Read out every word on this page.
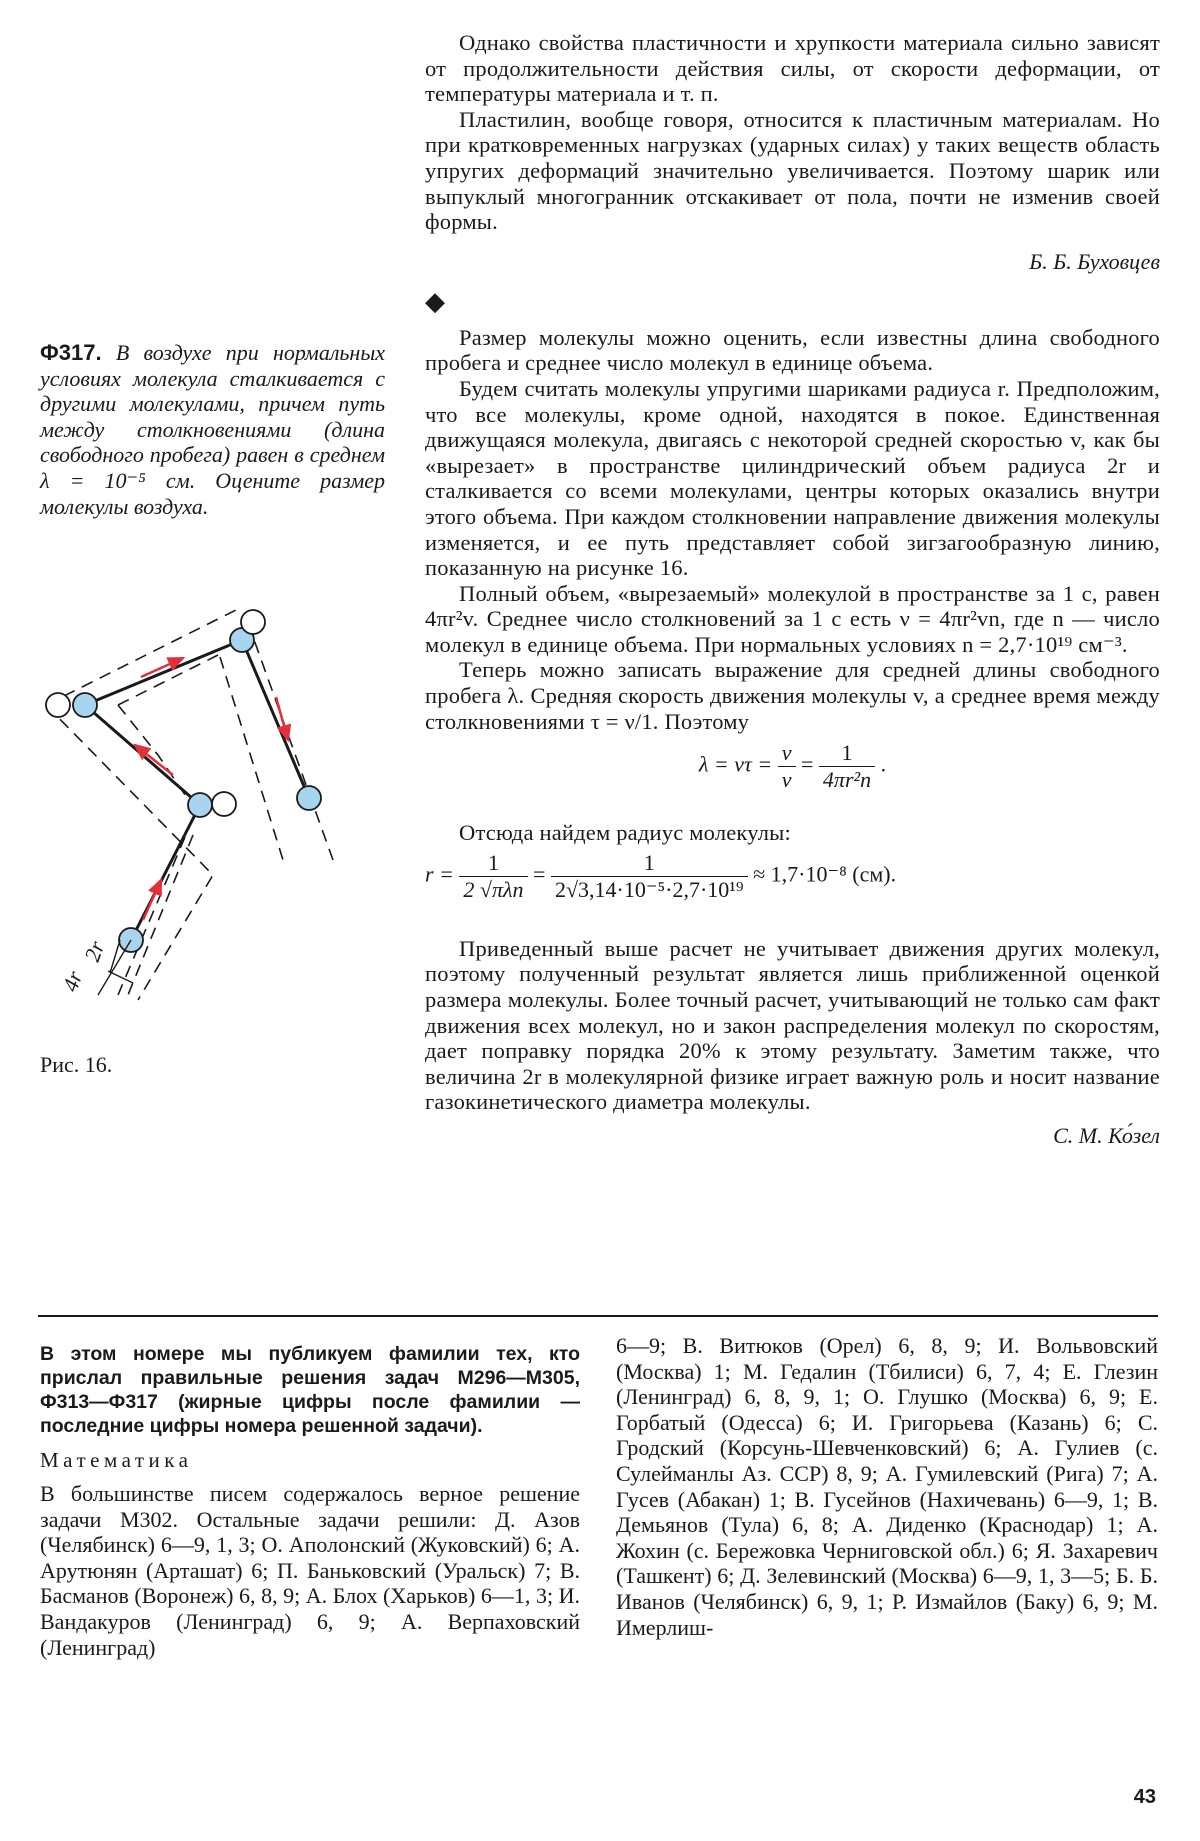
Однако свойства пластичности и хрупкости материала сильно зависят от продолжительности действия силы, от скорости деформации, от температуры материала и т. п.

Пластилин, вообще говоря, относится к пластичным материалам. Но при кратковременных нагрузках (ударных силах) у таких веществ область упругих деформаций значительно увеличивается. Поэтому шарик или выпуклый многогранник отскакивает от пола, почти не изменив своей формы.

Б. Б. Буховцев

◆

Размер молекулы можно оценить, если известны длина свободного пробега и среднее число молекул в единице объема.

Будем считать молекулы упругими шариками радиуса r. Предположим, что все молекулы, кроме одной, находятся в покое. Единственная движущаяся молекула, двигаясь с некоторой средней скоростью v, как бы «вырезает» в пространстве цилиндрический объем радиуса 2r и сталкивается со всеми молекулами, центры которых оказались внутри этого объема. При каждом столкновении направление движения молекулы изменяется, и ее путь представляет собой зигзагообразную линию, показанную на рисунке 16.

Полный объем, «вырезаемый» молекулой в пространстве за 1 с, равен 4πr²v. Среднее число столкновений за 1 с есть ν = 4πr²vn, где n — число молекул в единице объема. При нормальных условиях n = 2,7·10¹⁹ см⁻³.

Теперь можно записать выражение для средней длины свободного пробега λ. Средняя скорость движения молекулы v, а среднее время между столкновениями τ = ν/1. Поэтому

$\lambda = v\tau = \frac{v}{\nu} = \frac{1}{\text{4πr²n}}$ .

Отсюда найдем радиус молекулы:

$r = \frac{1}{\text{2 √πλn}} = \frac{1}{\text{2√3,14·10⁻⁵·2,7·10¹⁹}} \approx 1,7\cdot 10^{-8}$ (см).

Приведенный выше расчет не учитывает движения других молекул, поэтому полученный результат является лишь приближенной оценкой размера молекулы. Более точный расчет, учитывающий не только сам факт движения всех молекул, но и закон распределения молекул по скоростям, дает поправку порядка 20% к этому результату. Заметим также, что величина 2r в молекулярной физике играет важную роль и носит название газокинетического диаметра молекулы.

С. М. Ко́зел

Ф317. В воздухе при нормальных условиях молекула сталкивается с другими молекулами, причем путь между столкновениями (длина свободного пробега) равен в среднем λ = 10⁻⁵ см. Оцените размер молекулы воздуха.
2r
4r
Рис. 16.

В этом номере мы публикуем фамилии тех, кто прислал правильные решения задач М296—М305, Ф313—Ф317 (жирные цифры после фамилии — последние цифры номера решенной задачи).

Математика

В большинстве писем содержалось верное решение задачи М302. Остальные задачи решили: Д. Азов (Челябинск) 6—9, 1, 3; О. Аполонский (Жуковский) 6; А. Арутюнян (Арташат) 6; П. Баньковский (Уральск) 7; В. Басманов (Воронеж) 6, 8, 9; А. Блох (Харьков) 6—1, 3; И. Вандакуров (Ленинград) 6, 9; А. Верпаховский (Ленинград)

6—9; В. Витюков (Орел) 6, 8, 9; И. Вольвовский (Москва) 1; М. Гедалин (Тбилиси) 6, 7, 4; Е. Глезин (Ленинград) 6, 8, 9, 1; О. Глушко (Москва) 6, 9; Е. Горбатый (Одесса) 6; И. Григорьева (Казань) 6; С. Гродский (Корсунь-Шевченковский) 6; А. Гулиев (с. Сулейманлы Аз. ССР) 8, 9; А. Гумилевский (Рига) 7; А. Гусев (Абакан) 1; В. Гусейнов (Нахичевань) 6—9, 1; В. Демьянов (Тула) 6, 8; А. Диденко (Краснодар) 1; А. Жохин (с. Бережовка Черниговской обл.) 6; Я. Захаревич (Ташкент) 6; Д. Зелевинский (Москва) 6—9, 1, 3—5; Б. Б. Иванов (Челябинск) 6, 9, 1; Р. Измайлов (Баку) 6, 9; М. Имерлиш-

43
